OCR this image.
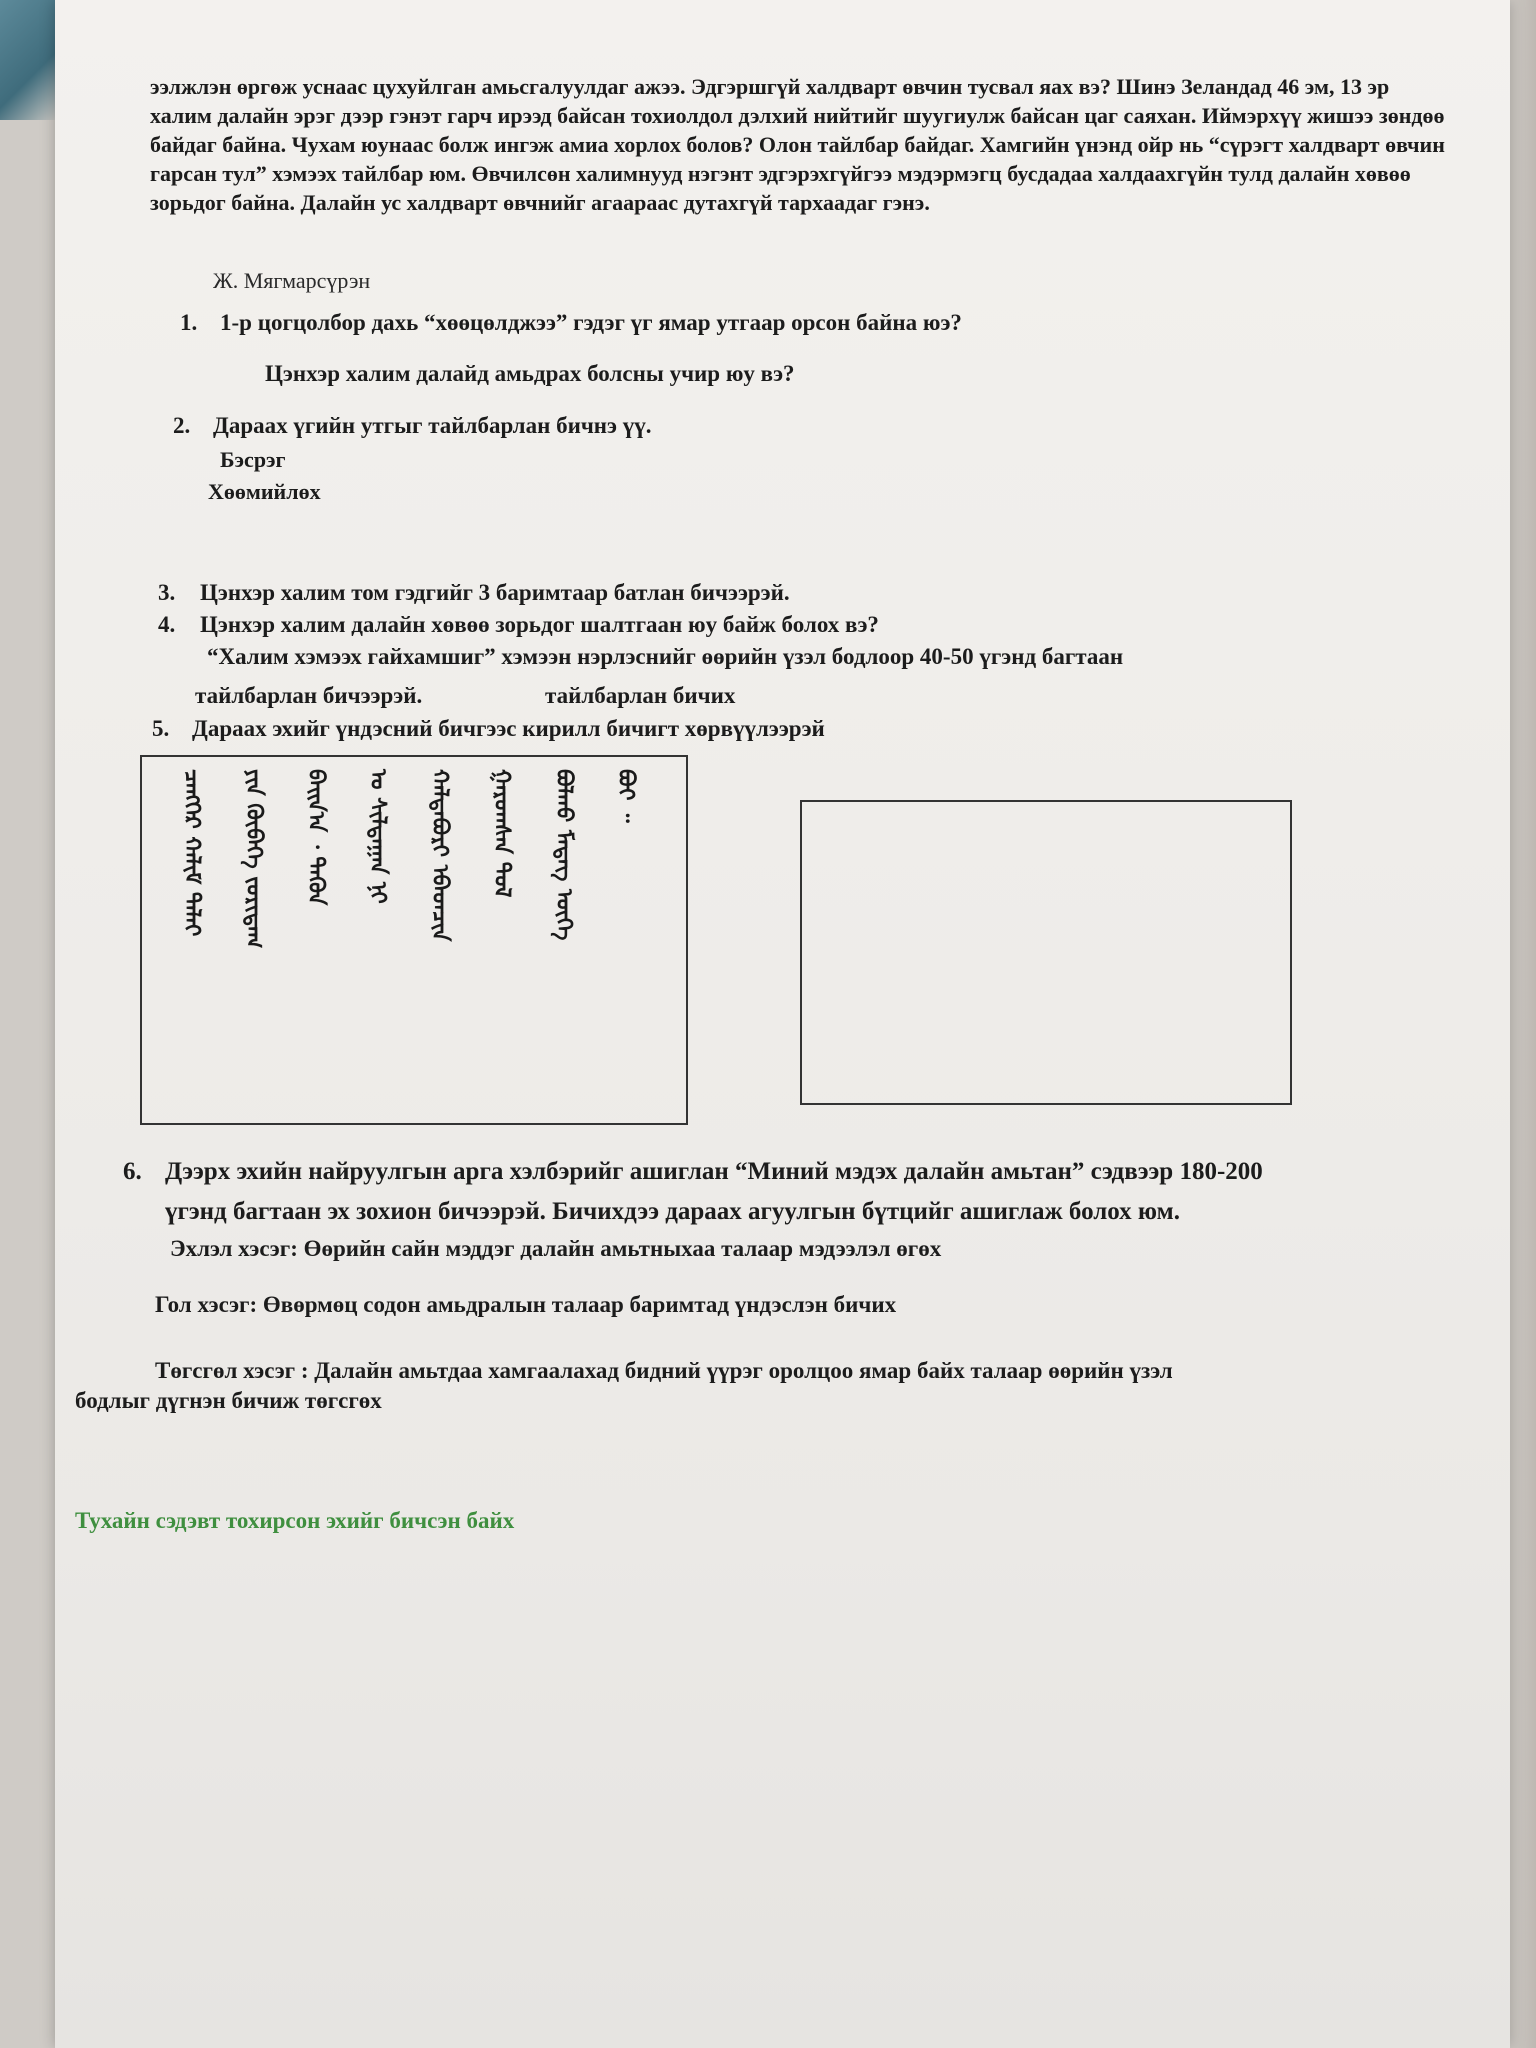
ээлжлэн өргөж уснаас цухуйлган амьсгалуулдаг ажээ. Эдгэршгүй халдварт өвчин тусвал яах вэ? Шинэ Зеландад 46 эм, 13 эр халим далайн эрэг дээр гэнэт гарч ирээд байсан тохиолдол дэлхий нийтийг шуугиулж байсан цаг саяхан. Иймэрхүү жишээ зөндөө байдаг байна. Чухам юунаас болж ингэж амиа хорлох болов? Олон тайлбар байдаг. Хамгийн үнэнд ойр нь “сүрэгт халдварт өвчин гарсан тул” хэмээх тайлбар юм. Өвчилсөн халимнууд нэгэнт эдгэрэхгүйгээ мэдэрмэгц бусдадаа халдаахгүйн тулд далайн хөвөө зорьдог байна. Далайн ус халдварт өвчнийг агаараас дутахгүй тархаадаг гэнэ.
Ж. Мягмарсүрэн
1. 1-р цогцолбор дахь “хөөцөлджээ” гэдэг үг ямар утгаар орсон байна юэ?
Цэнхэр халим далайд амьдрах болсны учир юу вэ?
2. Дараах үгийн утгыг тайлбарлан бичнэ үү.
Бэсрэг
Хөөмийлөх
3. Цэнхэр халим том гэдгийг 3 баримтаар батлан бичээрэй.
4. Цэнхэр халим далайн хөвөө зорьдог шалтгаан юу байж болох вэ?
“Халим хэмээх гайхамшиг” хэмээн нэрлэснийг өөрийн үзэл бодлоор 40-50 үгэнд багтаан
тайлбарлан бичээрэй.	тайлбарлан бичих
5. Дараах эхийг үндэсний бичгээс кирилл бичигт хөрвүүлээрэй
ᠴᠡᠩᠬᠡᠷ ᠬᠠᠯᠢᠮ ᠳᠠᠯᠠᠢ	ᠶᠢᠨ ᠬᠥᠪᠡᠭᠡ ᠵᠣᠷᠢᠳᠠᠭ	ᠪᠠᠢᠨ᠎ᠠ ᠂ ᠲᠡᠭᠦᠨ	ᠤ ᠰᠢᠯᠳᠠᠭᠠᠨ ᠨᠢ	ᠬᠠᠯᠳᠠᠪᠤᠷᠢ ᠡᠪᠡᠳᠴᠢᠨ	ᠭᠠᠷᠤᠭᠰᠠᠨ ᠲᠤᠯ	ᠪᠣᠯᠬᠤ ᠮᠡᠳᠡᠭ ᠦᠭᠡ	ᠪᠣᠢ ᠃
6. Дээрх эхийн найруулгын арга хэлбэрийг ашиглан “Миний мэдэх далайн амьтан” сэдвээр 180-200
үгэнд багтаан эх зохион бичээрэй. Бичихдээ дараах агуулгын бүтцийг ашиглаж болох юм.
Эхлэл хэсэг: Өөрийн сайн мэддэг далайн амьтныхаа талаар мэдээлэл өгөх
Гол хэсэг: Өвөрмөц содон амьдралын талаар баримтад үндэслэн бичих
Төгсгөл хэсэг : Далайн амьтдаа хамгаалахад бидний үүрэг оролцоо ямар байх талаар өөрийн үзэл
бодлыг дүгнэн бичиж төгсгөх
Тухайн сэдэвт тохирсон эхийг бичсэн байх
